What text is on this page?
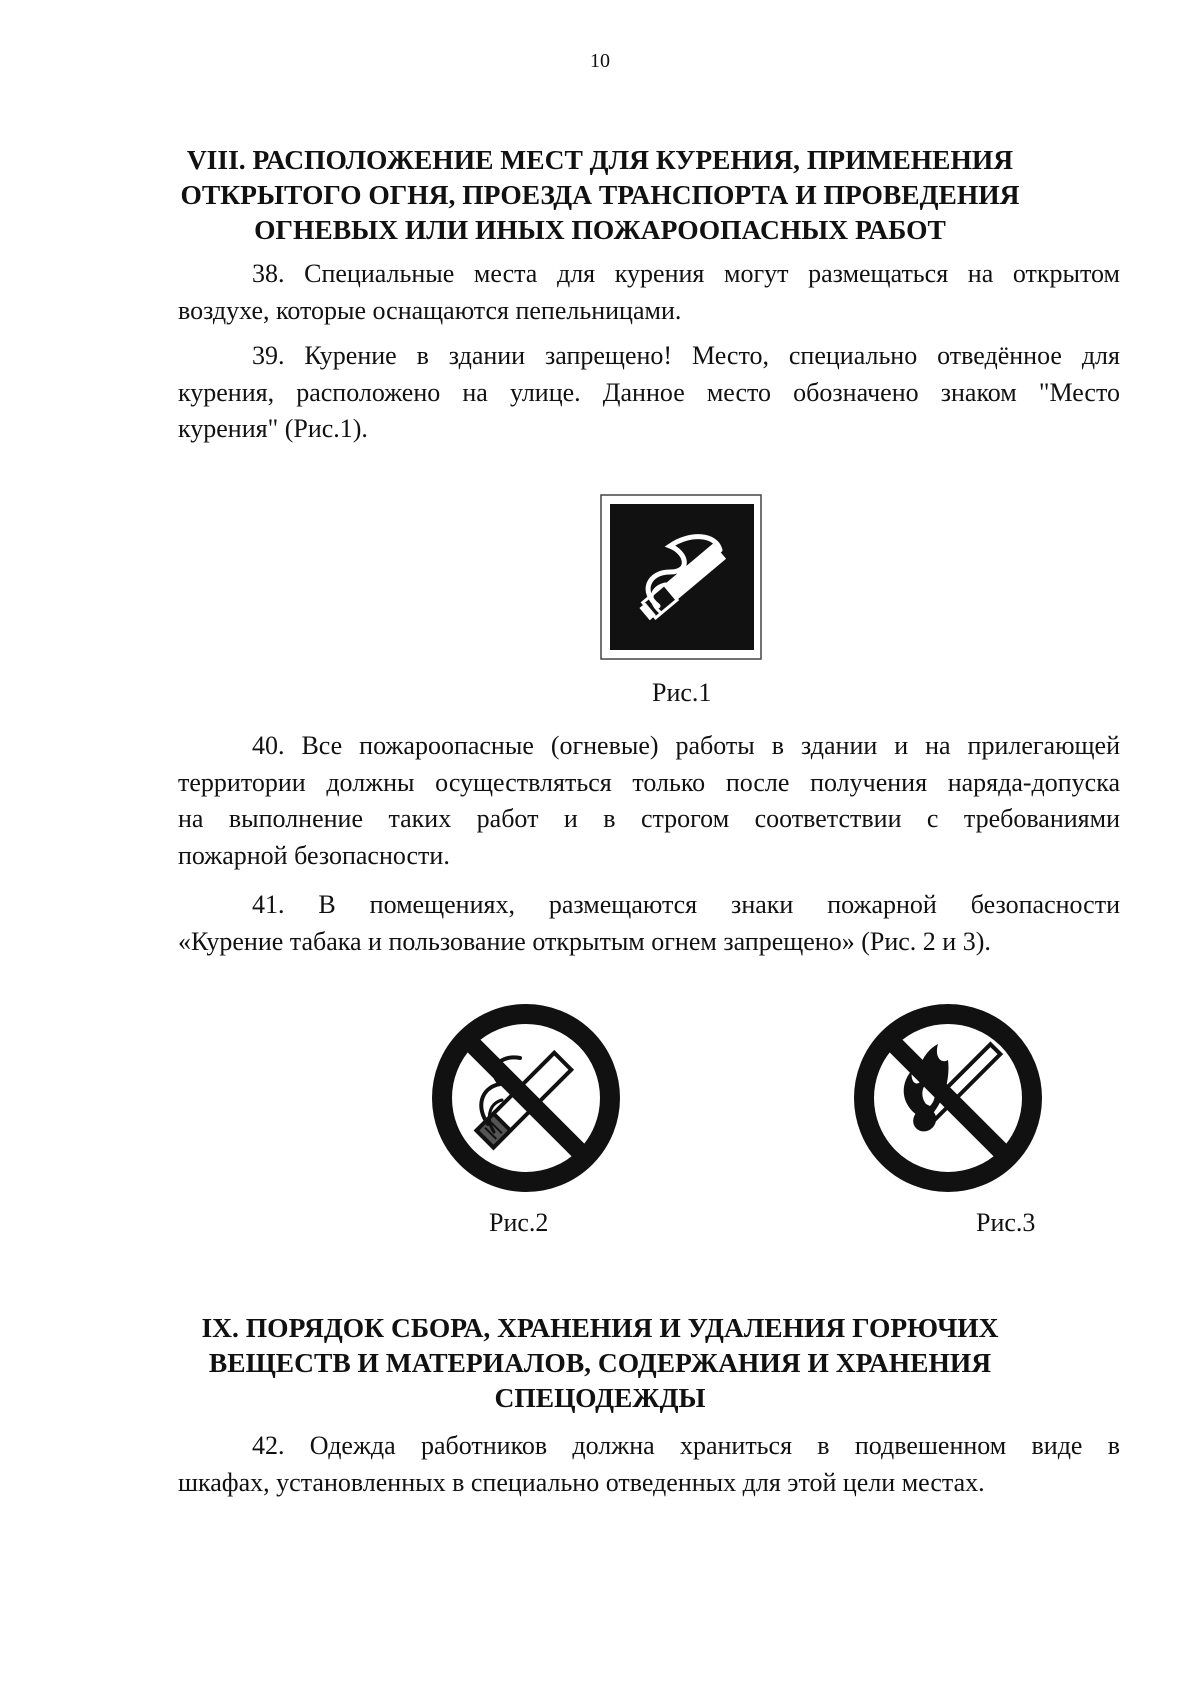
10
VIII. РАСПОЛОЖЕНИЕ МЕСТ ДЛЯ КУРЕНИЯ, ПРИМЕНЕНИЯ
ОТКРЫТОГО ОГНЯ, ПРОЕЗДА ТРАНСПОРТА И ПРОВЕДЕНИЯ
ОГНЕВЫХ ИЛИ ИНЫХ ПОЖАРООПАСНЫХ РАБОТ

38. Специальные места для курения могут размещаться на открытом
воздухе, которые оснащаются пепельницами.

39. Курение в здании запрещено! Место, специально отведённое для
курения, расположено на улице. Данное место обозначено знаком "Место
курения" (Рис.1).

Рис.1

40. Все пожароопасные (огневые) работы в здании и на прилегающей
территории должны осуществляться только после получения наряда-допуска
на выполнение таких работ и в строгом соответствии с требованиями
пожарной безопасности.

41. В помещениях, размещаются знаки пожарной безопасности
«Курение табака и пользование открытым огнем запрещено» (Рис. 2 и 3).

Рис.2	Рис.3
IX. ПОРЯДОК СБОРА, ХРАНЕНИЯ И УДАЛЕНИЯ ГОРЮЧИХ
ВЕЩЕСТВ И МАТЕРИАЛОВ, СОДЕРЖАНИЯ И ХРАНЕНИЯ
СПЕЦОДЕЖДЫ

42. Одежда работников должна храниться в подвешенном виде в
шкафах, установленных в специально отведенных для этой цели местах.
